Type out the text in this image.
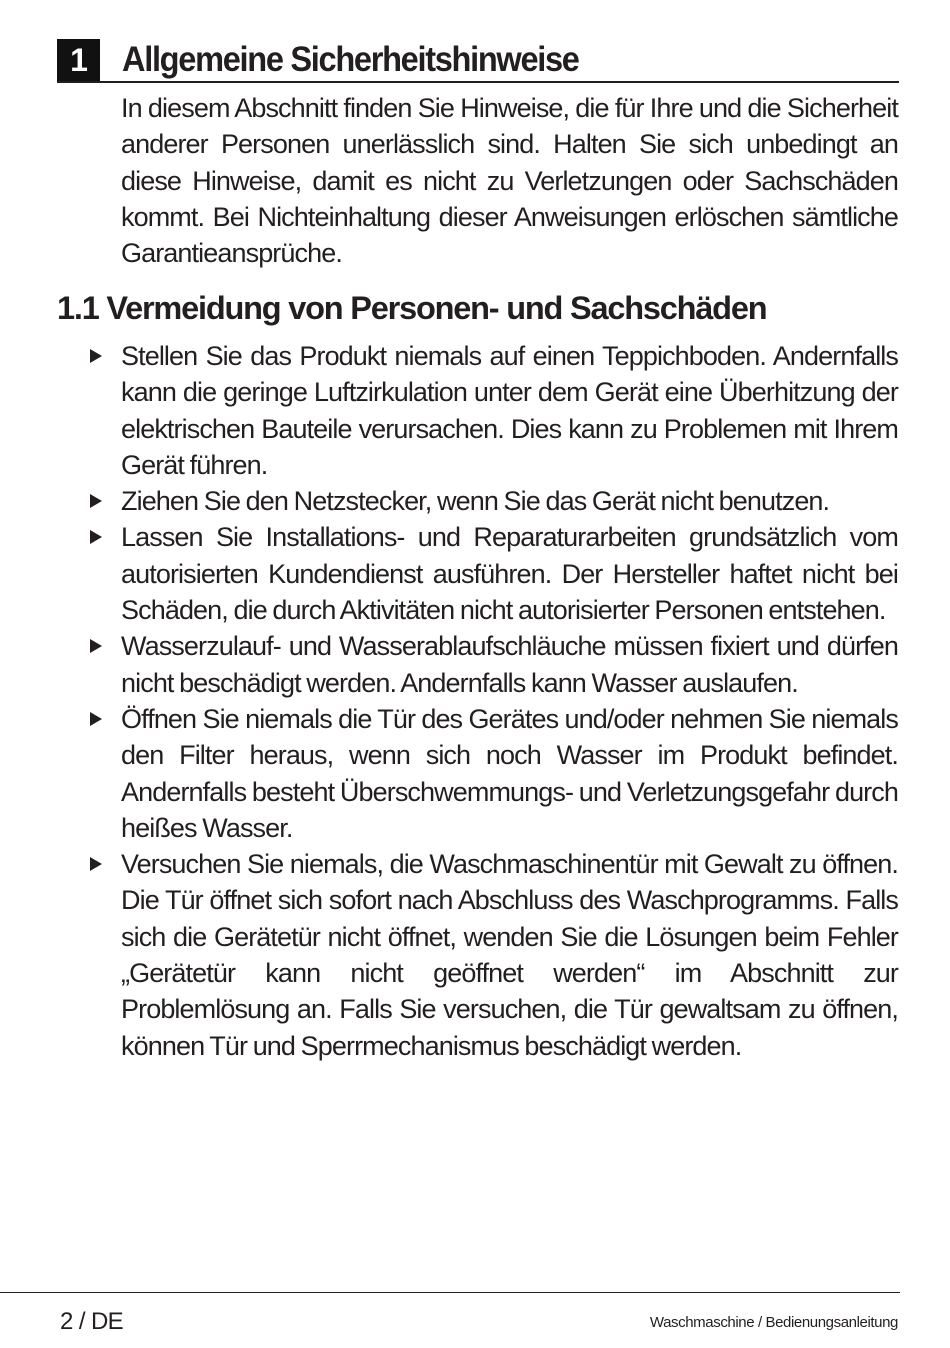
1	Allgemeine Sicherheitshinweise

In diesem Abschnitt finden Sie Hinweise, die für Ihre und die Sicherheit anderer Personen unerlässlich sind. Halten Sie sich unbedingt an diese Hinweise, damit es nicht zu Verletzungen oder Sachschäden kommt. Bei Nichteinhaltung dieser Anweisungen erlöschen sämtliche Garantieansprüche.

1.1 Vermeidung von Personen- und Sachschäden
Stellen Sie das Produkt niemals auf einen Teppichboden. Andernfalls kann die geringe Luftzirkulation unter dem Gerät eine Überhitzung der elektrischen Bauteile verursachen. Dies kann zu Problemen mit Ihrem Gerät führen.
Ziehen Sie den Netzstecker, wenn Sie das Gerät nicht benutzen.
Lassen Sie Installations- und Reparaturarbeiten grundsätzlich vom autorisierten Kundendienst ausführen. Der Hersteller haftet nicht bei Schäden, die durch Aktivitäten nicht autorisierter Personen entstehen.
Wasserzulauf- und Wasserablaufschläuche müssen fixiert und dürfen nicht beschädigt werden. Andernfalls kann Wasser auslaufen.
Öffnen Sie niemals die Tür des Gerätes und/oder nehmen Sie niemals den Filter heraus, wenn sich noch Wasser im Produkt befindet. Andernfalls besteht Überschwemmungs- und Verletzungsgefahr durch heißes Wasser.
Versuchen Sie niemals, die Waschmaschinentür mit Gewalt zu öffnen. Die Tür öffnet sich sofort nach Abschluss des Waschprogramms. Falls sich die Gerätetür nicht öffnet, wenden Sie die Lösungen beim Fehler „Gerätetür kann nicht geöffnet werden“ im Abschnitt zur Problemlösung an. Falls Sie versuchen, die Tür gewaltsam zu öffnen, können Tür und Sperrmechanismus beschädigt werden.
2 / DE	Waschmaschine / Bedienungsanleitung
